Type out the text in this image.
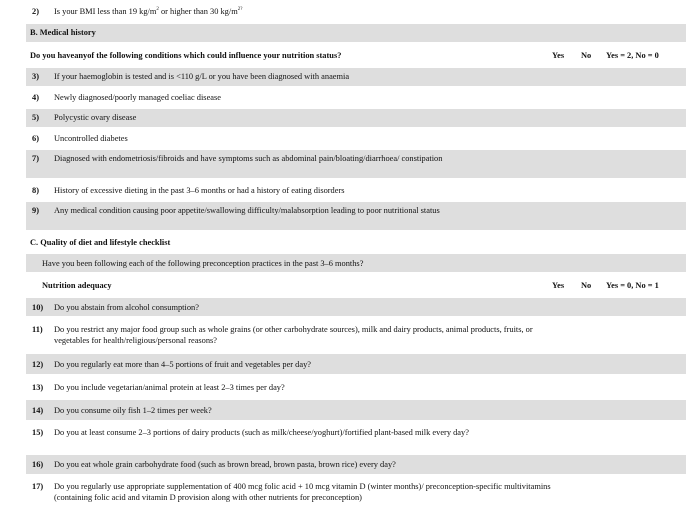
2) Is your BMI less than 19 $kg/m^2$ or higher than 30 $kg/m^{2?}$
B. Medical history
Do you haveanyof the following conditions which could influence your nutrition status?	Yes No Yes = 2, No = 0
3) If your haemoglobin is tested and is <110 g/L or you have been diagnosed with anaemia
4) Newly diagnosed/poorly managed coeliac disease
5) Polycystic ovary disease
6) Uncontrolled diabetes
7) Diagnosed with endometriosis/fibroids and have symptoms such as abdominal pain/bloating/diarrhoea/ constipation
8) History of excessive dieting in the past 3–6 months or had a history of eating disorders
9) Any medical condition causing poor appetite/swallowing difficulty/malabsorption leading to poor nutritional status
C. Quality of diet and lifestyle checklist
Have you been following each of the following preconception practices in the past 3–6 months?
Nutrition adequacy	Yes No Yes = 0, No = 1
10) Do you abstain from alcohol consumption?
11) Do you restrict any major food group such as whole grains (or other carbohydrate sources), milk and dairy products, animal products, fruits, or vegetables for health/religious/personal reasons?
12) Do you regularly eat more than 4–5 portions of fruit and vegetables per day?
13) Do you include vegetarian/animal protein at least 2–3 times per day?
14) Do you consume oily fish 1–2 times per week?
15) Do you at least consume 2–3 portions of dairy products (such as milk/cheese/yoghurt)/fortified plant-based milk every day?
16) Do you eat whole grain carbohydrate food (such as brown bread, brown pasta, brown rice) every day?
17) Do you regularly use appropriate supplementation of 400 mcg folic acid + 10 mcg vitamin D (winter months)/ preconception-specific multivitamins (containing folic acid and vitamin D provision along with other nutrients for preconception)
